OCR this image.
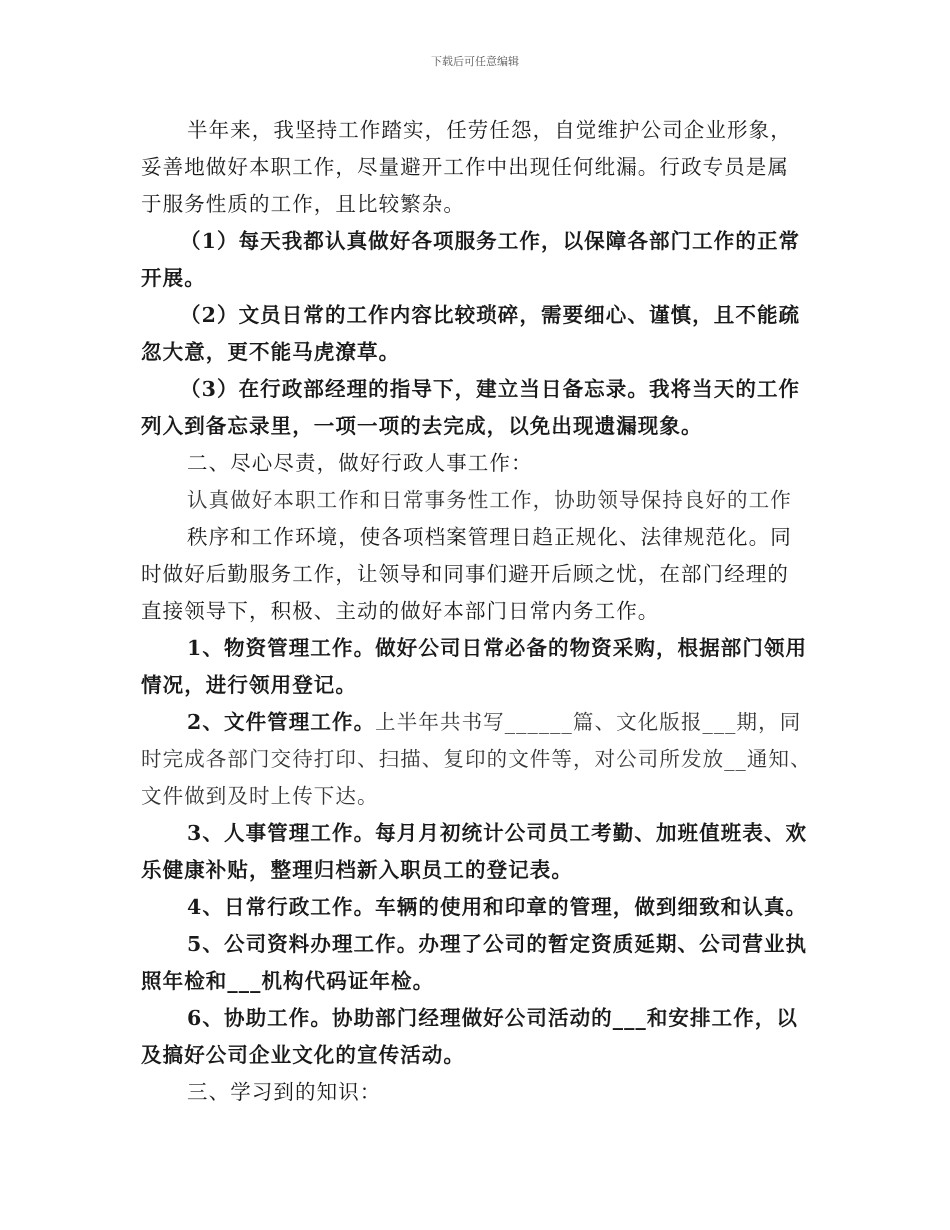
下载后可任意编辑
半年来，我坚持工作踏实，任劳任怨，自觉维护公司企业形象，
妥善地做好本职工作，尽量避开工作中出现任何纰漏。行政专员是属
于服务性质的工作，且比较繁杂。
（1）每天我都认真做好各项服务工作，以保障各部门工作的正常
开展。
（2）文员日常的工作内容比较琐碎，需要细心、谨慎，且不能疏
忽大意，更不能马虎潦草。
（3）在行政部经理的指导下，建立当日备忘录。我将当天的工作
列入到备忘录里，一项一项的去完成，以免出现遗漏现象。
二、尽心尽责，做好行政人事工作：
认真做好本职工作和日常事务性工作，协助领导保持良好的工作
秩序和工作环境，使各项档案管理日趋正规化、法律规范化。同
时做好后勤服务工作，让领导和同事们避开后顾之忧，在部门经理的
直接领导下，积极、主动的做好本部门日常内务工作。
1、物资管理工作。做好公司日常必备的物资采购，根据部门领用
情况，进行领用登记。
2、文件管理工作。上半年共书写______篇、文化版报___期，同
时完成各部门交待打印、扫描、复印的文件等，对公司所发放__通知、
文件做到及时上传下达。
3、人事管理工作。每月月初统计公司员工考勤、加班值班表、欢
乐健康补贴，整理归档新入职员工的登记表。
4、日常行政工作。车辆的使用和印章的管理，做到细致和认真。
5、公司资料办理工作。办理了公司的暂定资质延期、公司营业执
照年检和___机构代码证年检。
6、协助工作。协助部门经理做好公司活动的___和安排工作，以
及搞好公司企业文化的宣传活动。
三、学习到的知识：
